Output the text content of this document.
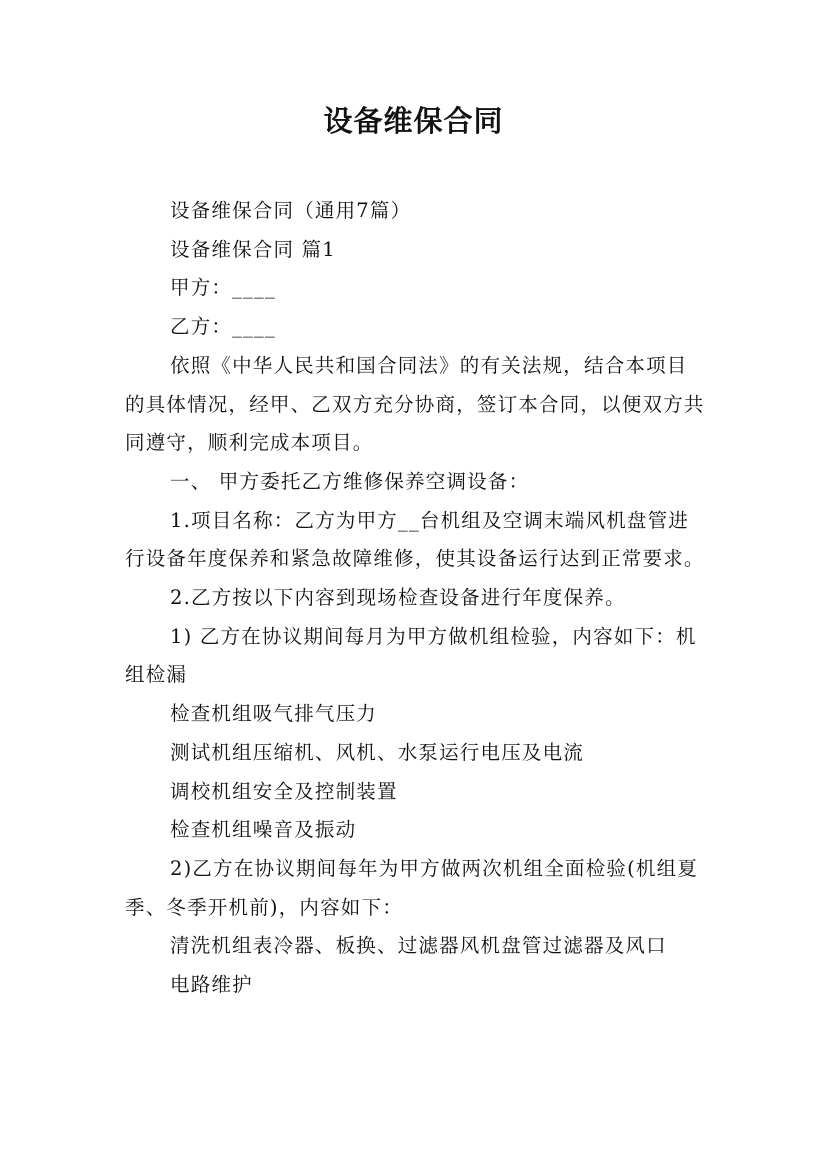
设备维保合同

设备维保合同（通用7篇）

设备维保合同 篇1

甲方：____

乙方：____

依照《中华人民共和国合同法》的有关法规，结合本项目的具体情况，经甲、乙双方充分协商，签订本合同，以便双方共同遵守，顺利完成本项目。

一、 甲方委托乙方维修保养空调设备：

1.项目名称：乙方为甲方__台机组及空调末端风机盘管进行设备年度保养和紧急故障维修，使其设备运行达到正常要求。

2.乙方按以下内容到现场检查设备进行年度保养。

1) 乙方在协议期间每月为甲方做机组检验，内容如下：机组检漏

检查机组吸气排气压力

测试机组压缩机、风机、水泵运行电压及电流

调校机组安全及控制装置

检查机组噪音及振动

2)乙方在协议期间每年为甲方做两次机组全面检验(机组夏季、冬季开机前)，内容如下：

清洗机组表冷器、板换、过滤器风机盘管过滤器及风口

电路维护
